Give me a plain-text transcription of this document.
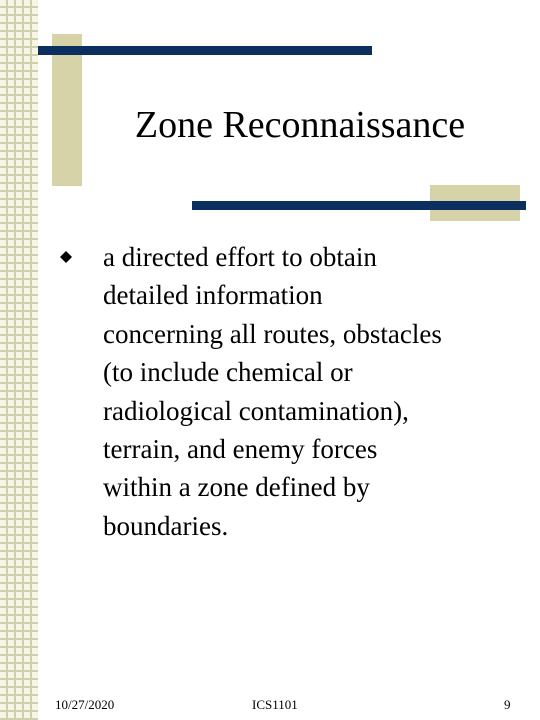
Zone Reconnaissance
a directed effort to obtain
detailed information
concerning all routes, obstacles
(to include chemical or
radiological contamination),
terrain, and enemy forces
within a zone defined by
boundaries.
10/27/2020	ICS1101	9
